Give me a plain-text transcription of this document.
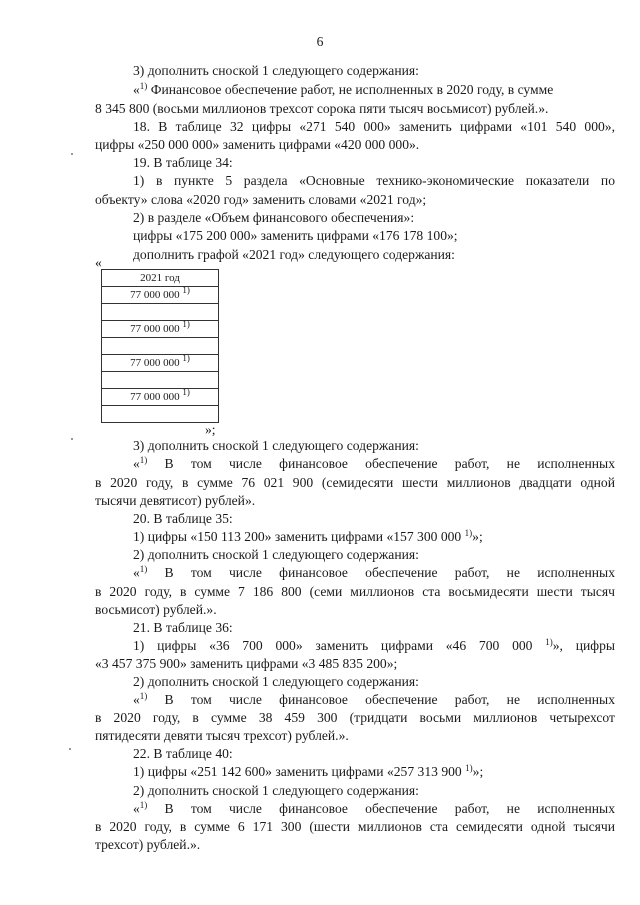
6
3) дополнить сноской 1 следующего содержания:
«$^{1)}$ Финансовое обеспечение работ, не исполненных в 2020 году, в сумме
8 345 800 (восьми миллионов трехсот сорока пяти тысяч восьмисот) рублей.».
18. В таблице 32 цифры «271 540 000» заменить цифрами «101 540 000»,
цифры «250 000 000» заменить цифрами «420 000 000».
19. В таблице 34:
1) в пункте 5 раздела «Основные технико-экономические показатели по
объекту» слова «2020 год» заменить словами «2021 год»;
2) в разделе «Объем финансового обеспечения»:
цифры «175 200 000» заменить цифрами «176 178 100»;
дополнить графой «2021 год» следующего содержания:
«
2021 год
77 000 000 $^{1)}$

77 000 000 $^{1)}$

77 000 000 $^{1)}$

77 000 000 $^{1)}$

»;
3) дополнить сноской 1 следующего содержания:
«$^{1)}$ В том числе финансовое обеспечение работ, не исполненных
в 2020 году, в сумме 76 021 900 (семидесяти шести миллионов двадцати одной
тысячи девятисот) рублей».
20. В таблице 35:
1) цифры «150 113 200» заменить цифрами «157 300 000 $^{1)}$»;
2) дополнить сноской 1 следующего содержания:
«$^{1)}$ В том числе финансовое обеспечение работ, не исполненных
в 2020 году, в сумме 7 186 800 (семи миллионов ста восьмидесяти шести тысяч
восьмисот) рублей.».
21. В таблице 36:
1) цифры «36 700 000» заменить цифрами «46 700 000 $^{1)}$», цифры
«3 457 375 900» заменить цифрами «3 485 835 200»;
2) дополнить сноской 1 следующего содержания:
«$^{1)}$ В том числе финансовое обеспечение работ, не исполненных
в 2020 году, в сумме 38 459 300 (тридцати восьми миллионов четырехсот
пятидесяти девяти тысяч трехсот) рублей.».
22. В таблице 40:
1) цифры «251 142 600» заменить цифрами «257 313 900 $^{1)}$»;
2) дополнить сноской 1 следующего содержания:
«$^{1)}$ В том числе финансовое обеспечение работ, не исполненных
в 2020 году, в сумме 6 171 300 (шести миллионов ста семидесяти одной тысячи
трехсот) рублей.».
